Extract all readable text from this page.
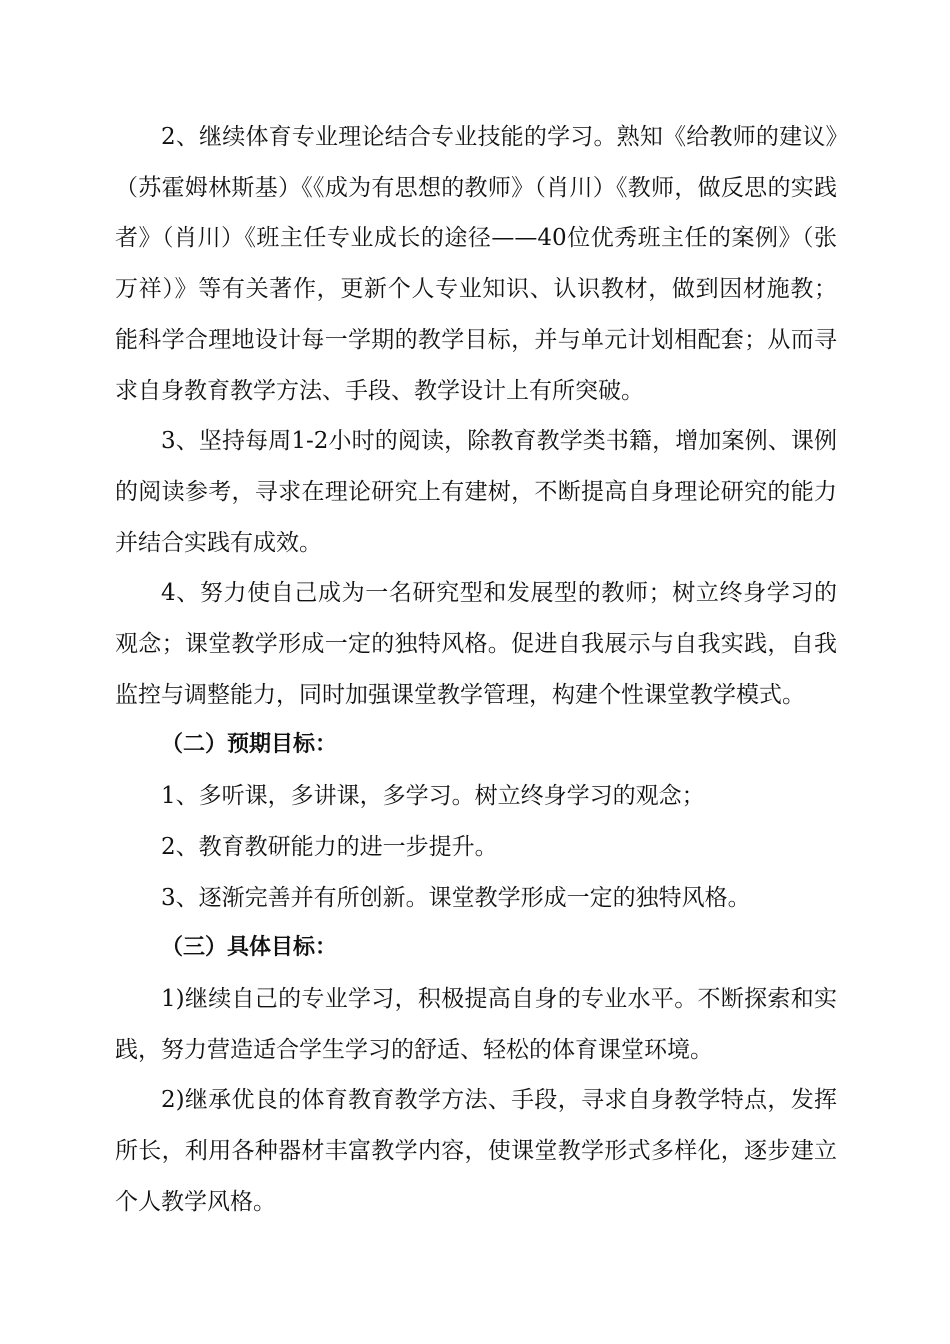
2、继续体育专业理论结合专业技能的学习。熟知《给教师的建议》（苏霍姆林斯基）《《成为有思想的教师》（肖川）《教师，做反思的实践者》（肖川）《班主任专业成长的途径——40位优秀班主任的案例》（张万祥）》等有关著作，更新个人专业知识、认识教材，做到因材施教；能科学合理地设计每一学期的教学目标，并与单元计划相配套；从而寻求自身教育教学方法、手段、教学设计上有所突破。

3、坚持每周1-2小时的阅读，除教育教学类书籍，增加案例、课例的阅读参考，寻求在理论研究上有建树，不断提高自身理论研究的能力并结合实践有成效。

4、努力使自己成为一名研究型和发展型的教师；树立终身学习的观念；课堂教学形成一定的独特风格。促进自我展示与自我实践，自我监控与调整能力，同时加强课堂教学管理，构建个性课堂教学模式。

（二）预期目标：

1、多听课，多讲课，多学习。树立终身学习的观念；

2、教育教研能力的进一步提升。

3、逐渐完善并有所创新。课堂教学形成一定的独特风格。

（三）具体目标：

1)继续自己的专业学习，积极提高自身的专业水平。不断探索和实践，努力营造适合学生学习的舒适、轻松的体育课堂环境。

2)继承优良的体育教育教学方法、手段，寻求自身教学特点，发挥所长，利用各种器材丰富教学内容，使课堂教学形式多样化，逐步建立个人教学风格。
